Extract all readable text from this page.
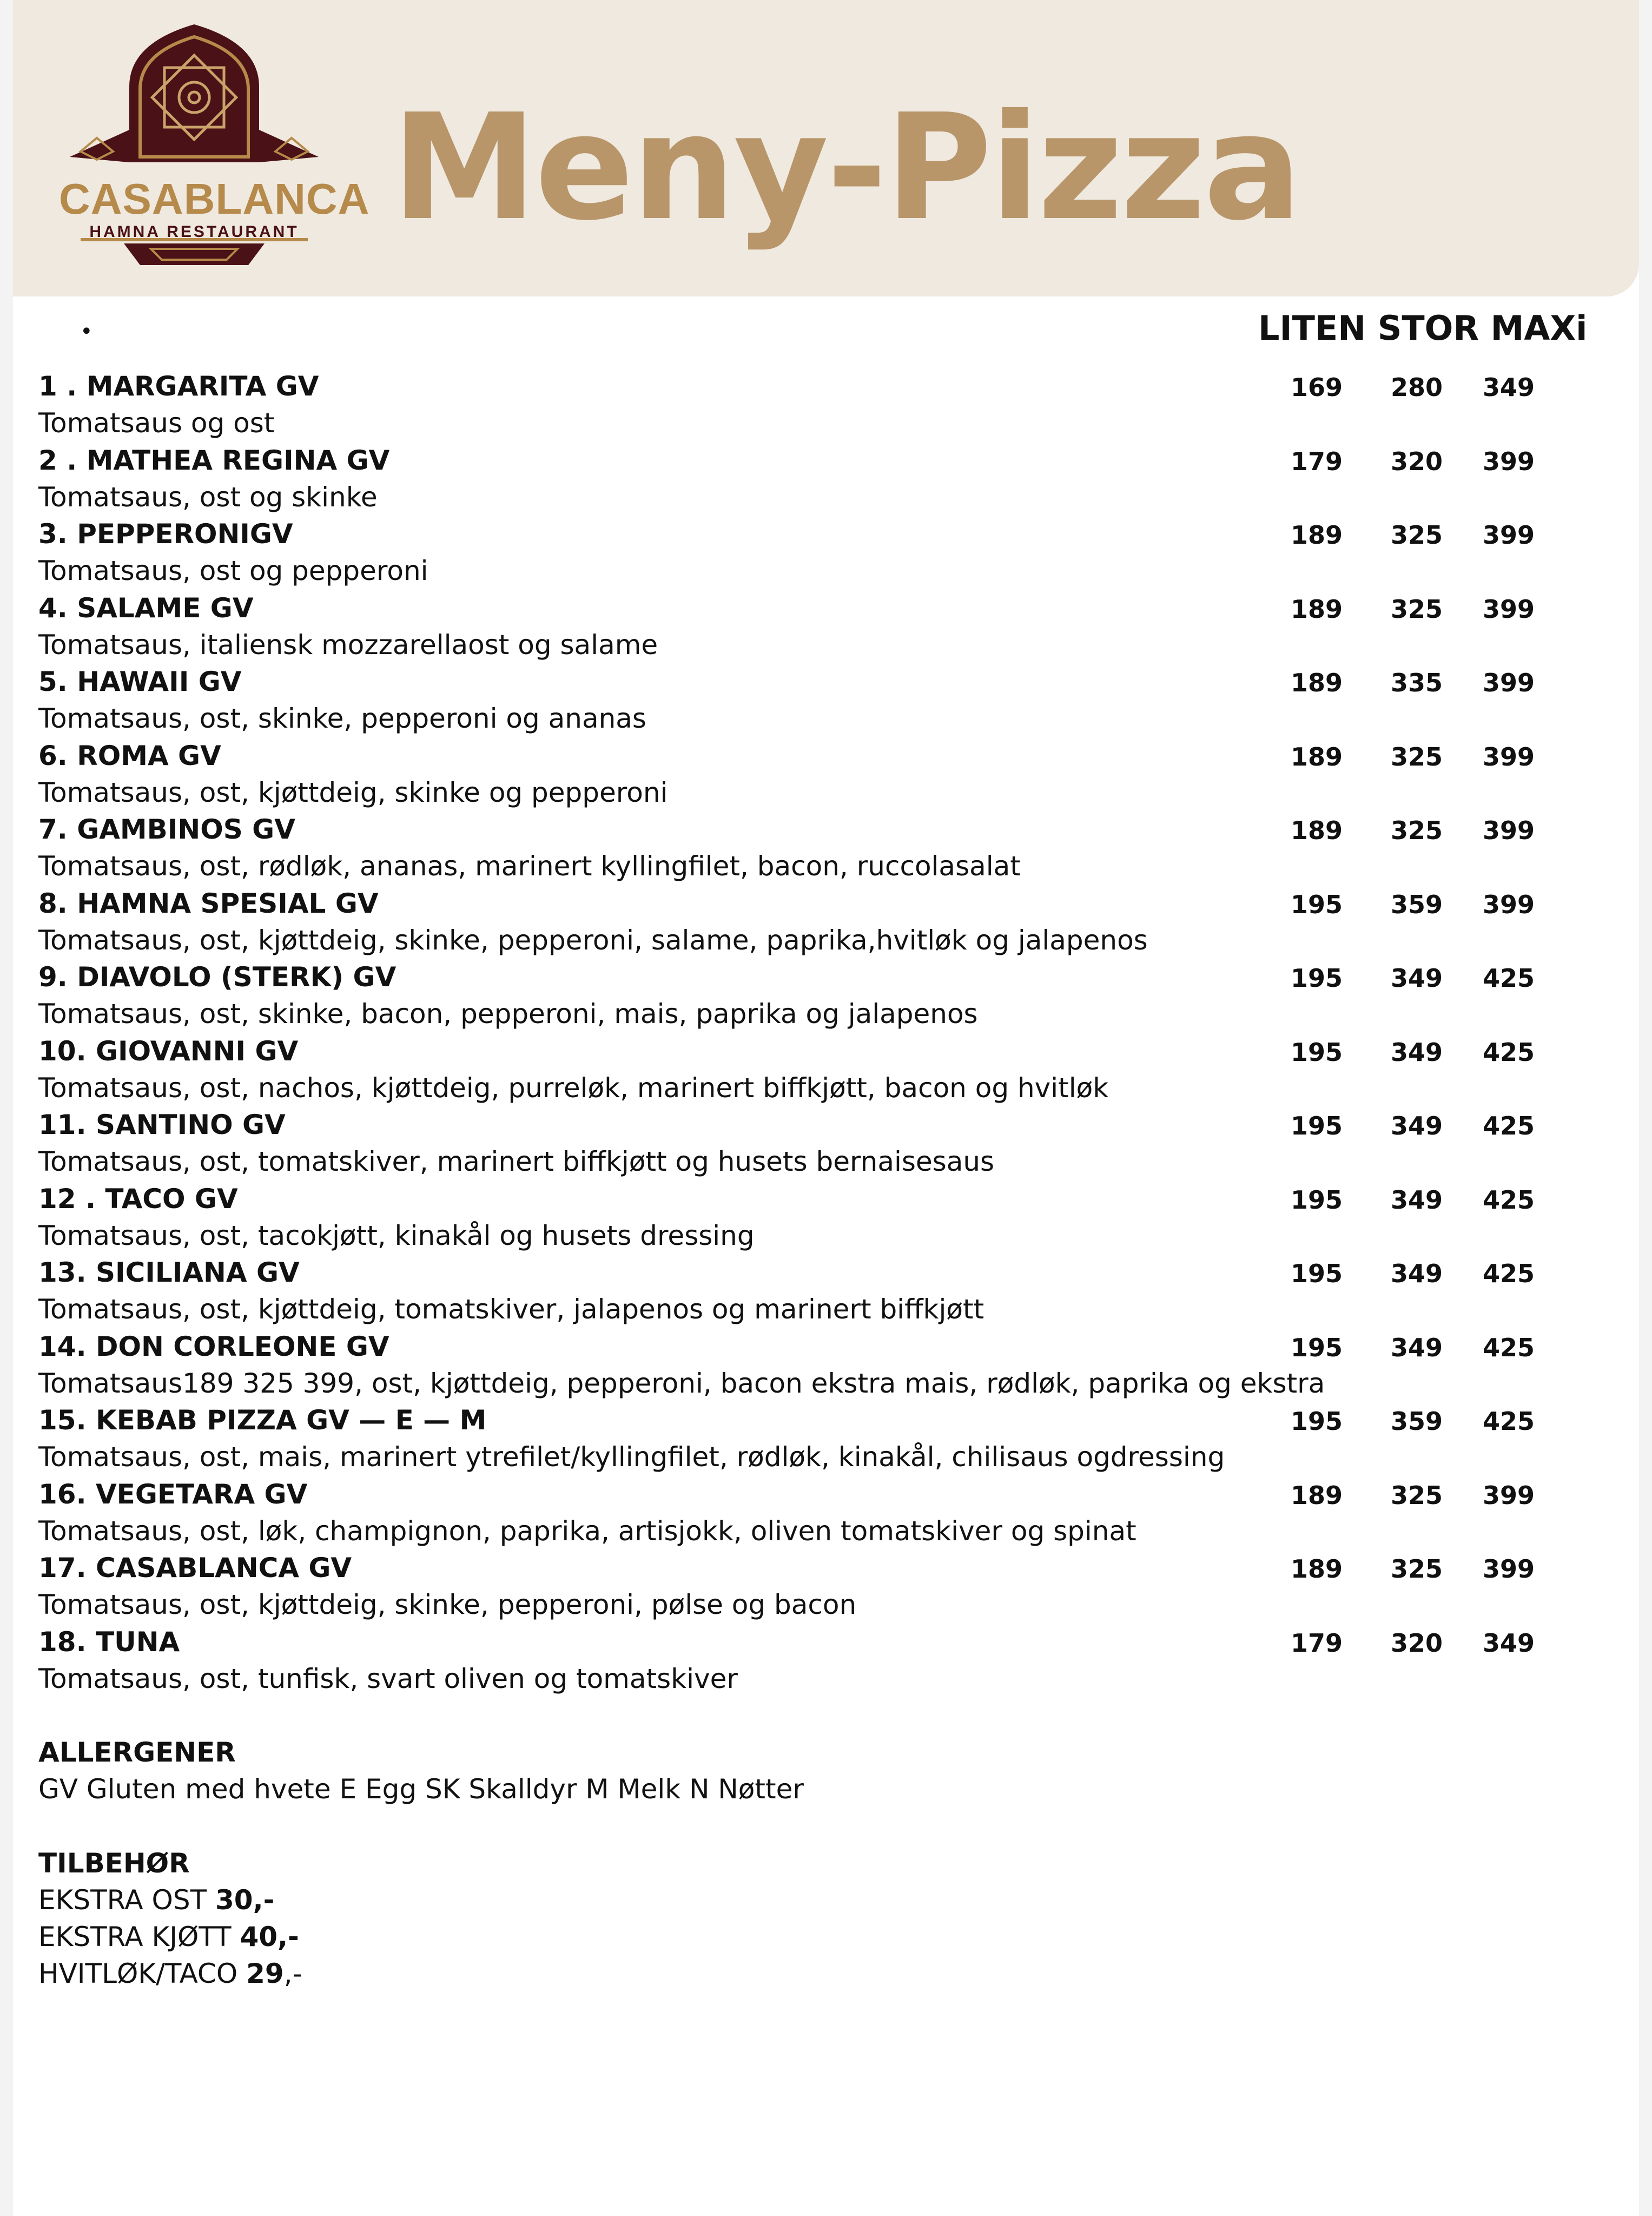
CASABLANCA

HAMNA RESTAURANT Meny-Pizza
•	LITEN STOR MAXi

1 . MARGARITA GV

Tomatsaus og ost

169	280	349

2 . MATHEA REGINA GV

Tomatsaus, ost og skinke

179	320	399

3. PEPPERONIGV

Tomatsaus, ost og pepperoni

189	325	399

4. SALAME GV

Tomatsaus, italiensk mozzarellaost og salame

189	325	399

5. HAWAII GV

Tomatsaus, ost, skinke, pepperoni og ananas

189	335	399

6. ROMA GV

Tomatsaus, ost, kjøttdeig, skinke og pepperoni

189	325	399

7. GAMBINOS GV

Tomatsaus, ost, rødløk, ananas, marinert kyllingfilet, bacon, ruccolasalat

189	325	399

8. HAMNA SPESIAL GV

Tomatsaus, ost, kjøttdeig, skinke, pepperoni, salame, paprika,hvitløk og jalapenos

195	359	399

9. DIAVOLO (STERK) GV

Tomatsaus, ost, skinke, bacon, pepperoni, mais, paprika og jalapenos

195	349	425

10. GIOVANNI GV

Tomatsaus, ost, nachos, kjøttdeig, purreløk, marinert biffkjøtt, bacon og hvitløk

195	349	425

11. SANTINO GV

Tomatsaus, ost, tomatskiver, marinert biffkjøtt og husets bernaisesaus

195	349	425

12 . TACO GV

Tomatsaus, ost, tacokjøtt, kinakål og husets dressing

195	349	425

13. SICILIANA GV

Tomatsaus, ost, kjøttdeig, tomatskiver, jalapenos og marinert biffkjøtt

195	349	425

14. DON CORLEONE GV

Tomatsaus189 325 399, ost, kjøttdeig, pepperoni, bacon ekstra mais, rødløk, paprika og ekstra

195	349	425

15. KEBAB PIZZA GV — E — M

Tomatsaus, ost, mais, marinert ytrefilet/kyllingfilet, rødløk, kinakål, chilisaus ogdressing

195	359	425

16. VEGETARA GV

Tomatsaus, ost, løk, champignon, paprika, artisjokk, oliven tomatskiver og spinat

189	325	399

17. CASABLANCA GV

Tomatsaus, ost, kjøttdeig, skinke, pepperoni, pølse og bacon

189	325	399

18. TUNA

Tomatsaus, ost, tunfisk, svart oliven og tomatskiver

179	320	349

ALLERGENER

GV Gluten med hvete E Egg SK Skalldyr M Melk N Nøtter

TILBEHØR

EKSTRA OST 30,-

EKSTRA KJØTT 40,-

HVITLØK/TACO 29,-
